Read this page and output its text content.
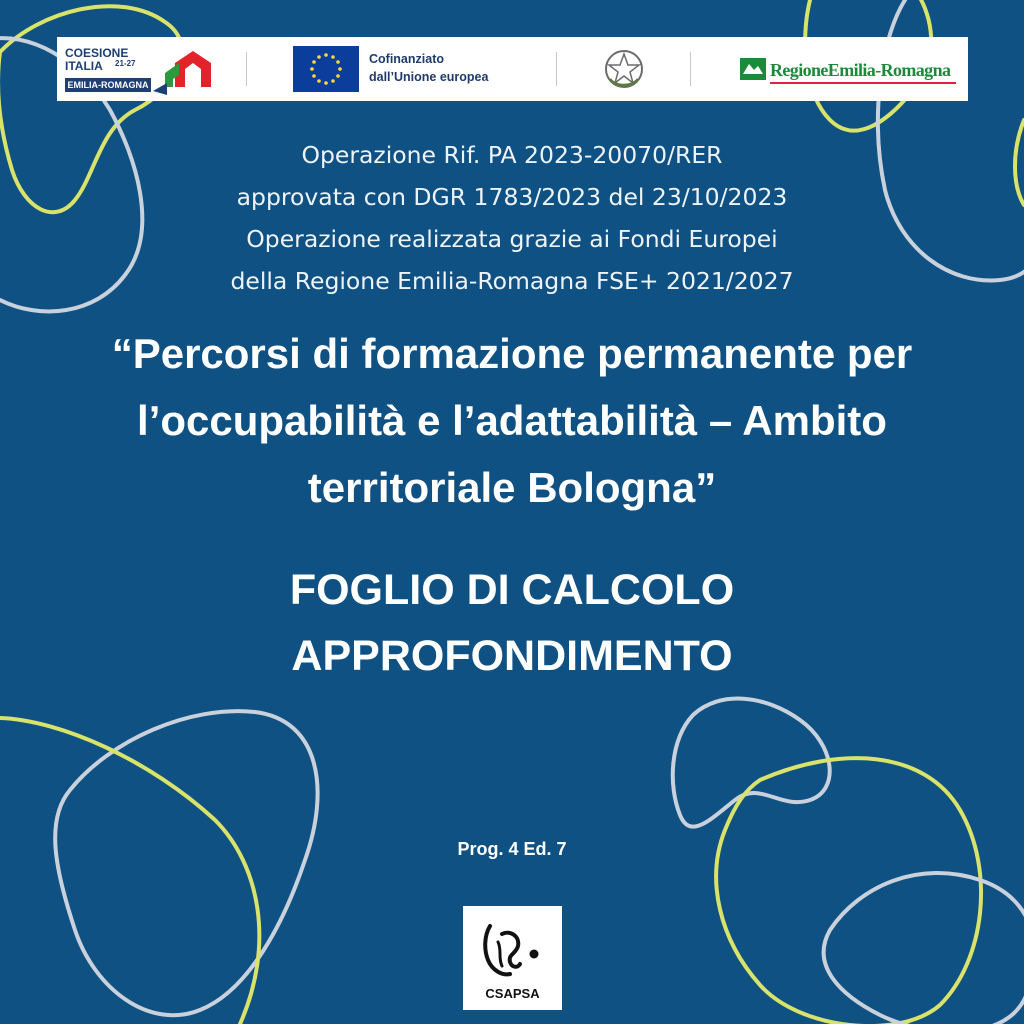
COESIONE
ITALIA 21-27
EMILIA-ROMAGNA
Cofinanziato
dall’Unione europea	RegioneEmilia-Romagna
Operazione Rif. PA 2023-20070/RER
approvata con DGR 1783/2023 del 23/10/2023
Operazione realizzata grazie ai Fondi Europei
della Regione Emilia-Romagna FSE+ 2021/2027
“Percorsi di formazione permanente per
l’occupabilità e l’adattabilità – Ambito
territoriale Bologna”
FOGLIO DI CALCOLO
APPROFONDIMENTO
Prog. 4 Ed. 7
CSAPSA
